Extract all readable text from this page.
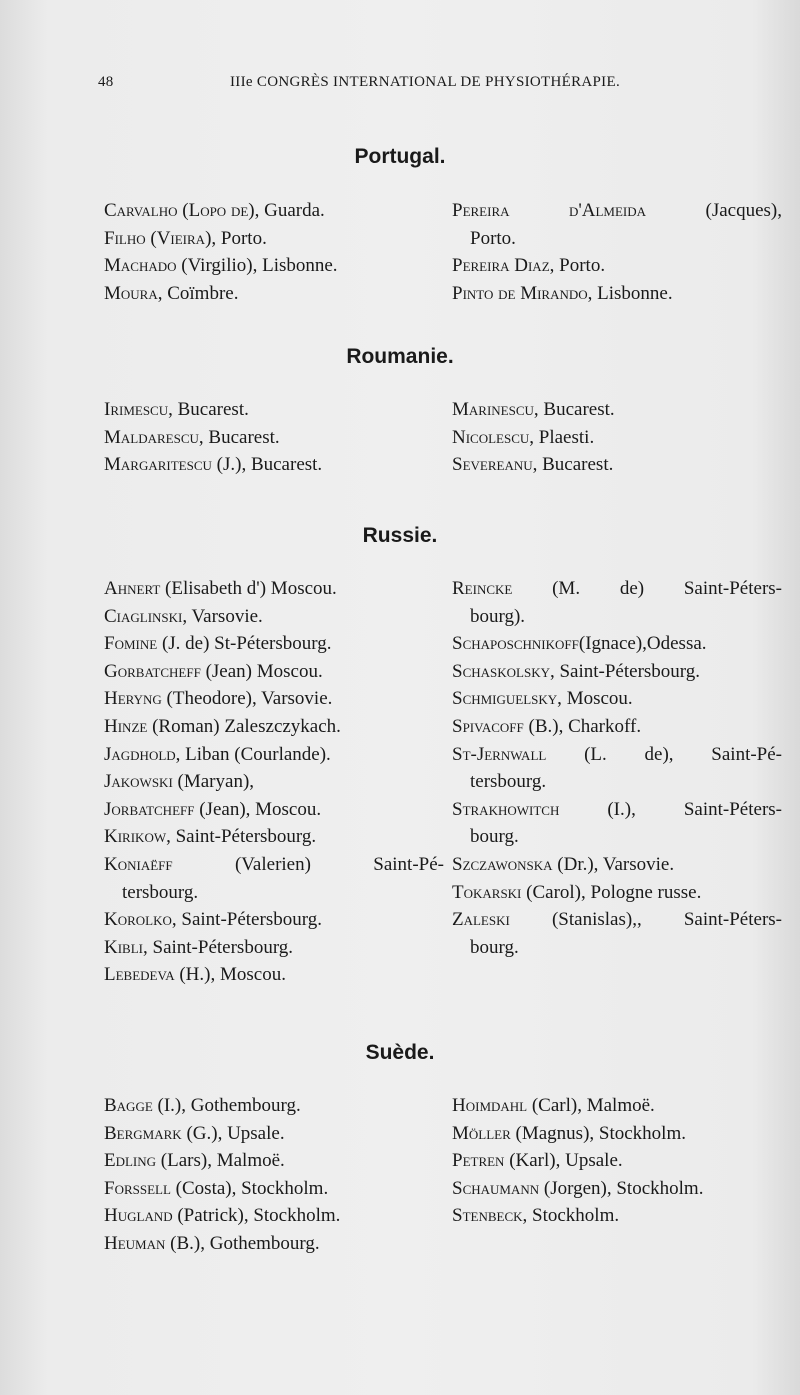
48	IIIe CONGRÈS INTERNATIONAL DE PHYSIOTHÉRAPIE.
Portugal.
Carvalho (Lopo de), Guarda.
Filho (Vieira), Porto.
Machado (Virgilio), Lisbonne.
Moura, Coïmbre.
Pereira d'Almeida (Jacques),
Porto.
Pereira Diaz, Porto.
Pinto de Mirando, Lisbonne.
Roumanie.
Irimescu, Bucarest.
Maldarescu, Bucarest.
Margaritescu (J.), Bucarest.
Marinescu, Bucarest.
Nicolescu, Plaesti.
Severeanu, Bucarest.
Russie.
Ahnert (Elisabeth d') Moscou.
Ciaglinski, Varsovie.
Fomine (J. de) St-Pétersbourg.
Gorbatcheff (Jean) Moscou.
Heryng (Theodore), Varsovie.
Hinze (Roman) Zaleszczykach.
Jagdhold, Liban (Courlande).
Jakowski (Maryan),
Jorbatcheff (Jean), Moscou.
Kirikow, Saint-Pétersbourg.
Koniaëff (Valerien) Saint-Pé-
tersbourg.
Korolko, Saint-Pétersbourg.
Kibli, Saint-Pétersbourg.
Lebedeva (H.), Moscou.
Reincke (M. de) Saint-Péters-
bourg).
Schaposchnikoff(Ignace),Odessa.
Schaskolsky, Saint-Pétersbourg.
Schmiguelsky, Moscou.
Spivacoff (B.), Charkoff.
St-Jernwall (L. de), Saint-Pé-
tersbourg.
Strakhowitch (I.), Saint-Péters-
bourg.
Szczawonska (Dr.), Varsovie.
Tokarski (Carol), Pologne russe.
Zaleski (Stanislas),, Saint-Péters-
bourg.
Suède.
Bagge (I.), Gothembourg.
Bergmark (G.), Upsale.
Edling (Lars), Malmoë.
Forssell (Costa), Stockholm.
Hugland (Patrick), Stockholm.
Heuman (B.), Gothembourg.
Hoimdahl (Carl), Malmoë.
Möller (Magnus), Stockholm.
Petren (Karl), Upsale.
Schaumann (Jorgen), Stockholm.
Stenbeck, Stockholm.
